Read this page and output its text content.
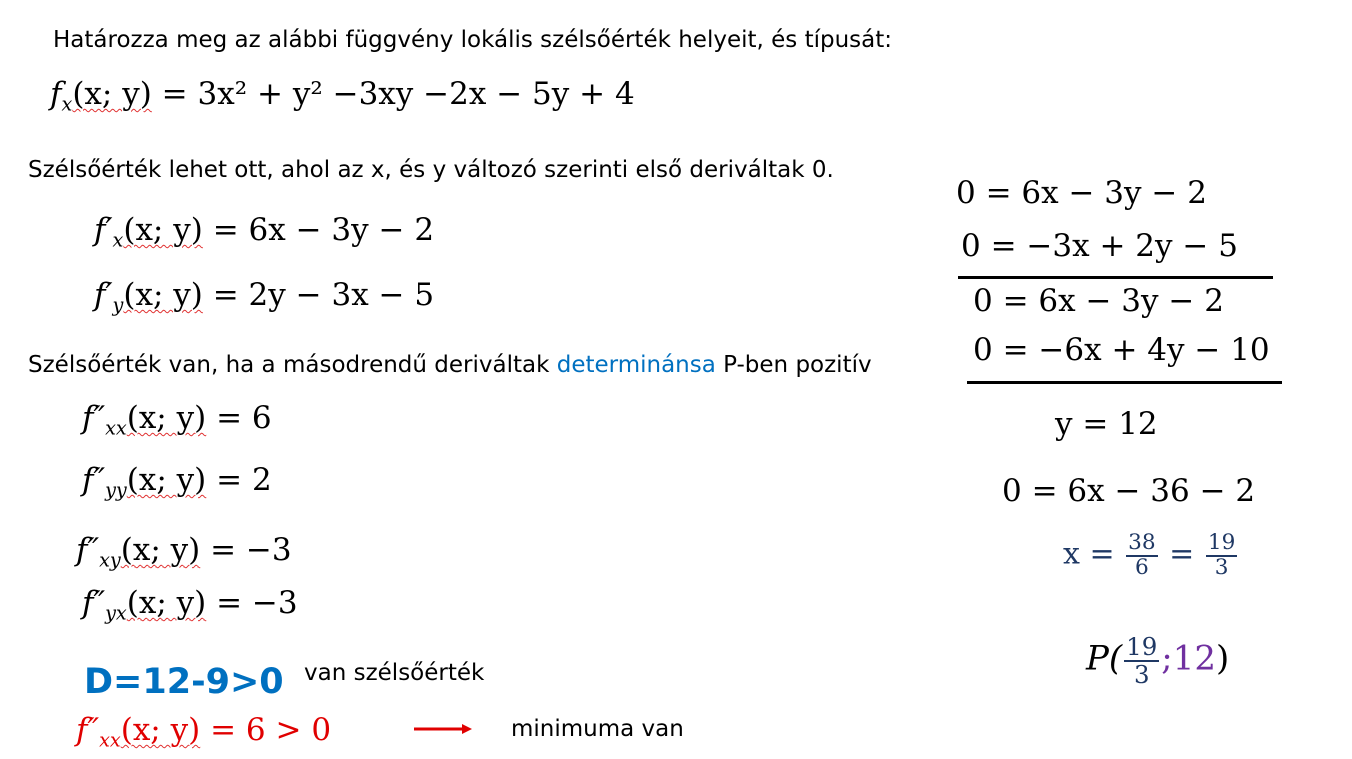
Határozza meg az alábbi függvény lokális szélsőérték helyeit, és típusát:
$f_x(x$; y) = 3x² + y² −3xy −2x − 5y + 4
Szélsőérték lehet ott, ahol az x, és y változó szerinti első deriváltak 0.
$f'_x(x$; y) = 6x − 3y − 2
$f'_y(x$; y) = 2y − 3x − 5
Szélsőérték van, ha a másodrendű deriváltak determinánsa P-ben pozitív
$f''_{xx}(x$; y) = 6
$f''_{yy}(x$; y) = 2
$f''_{xy}(x$; y) = −3
$f''_{yx}(x$; y) = −3
D=12-9>0 van szélsőérték
$f''_{xx}(x$; y) = 6 > 0	minimuma van
0 = 6x − 3y − 2
0 = −3x + 2y − 5
0 = 6x − 3y − 2
0 = −6x + 4y − 10
y = 12
0 = 6x − 36 − 2
$x = \frac{38}{6} = \frac{19}{3}$
$P( \frac{19}{3}$ ;12)
